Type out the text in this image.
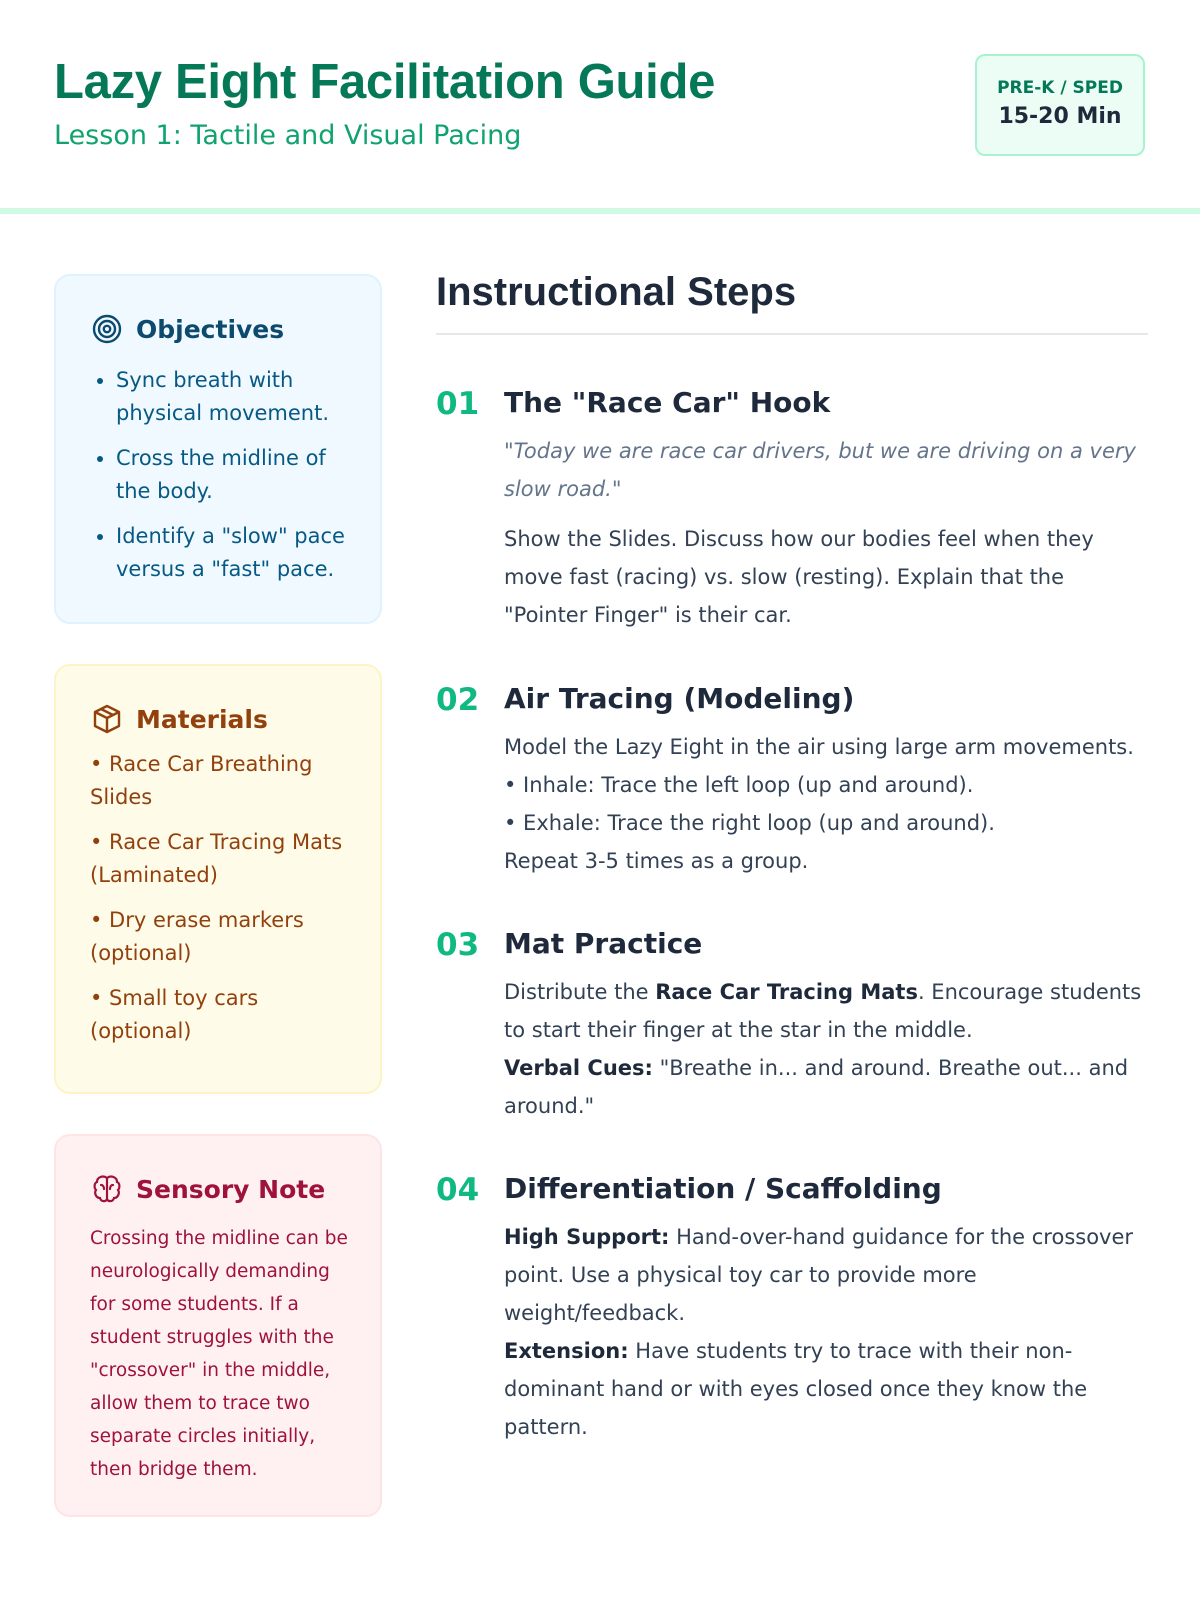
Lazy Eight Facilitation Guide
Lesson 1: Tactile and Visual Pacing
PRE-K / SPED
15-20 Min
Objectives
• Sync breath with physical movement.
• Cross the midline of the body.
• Identify a "slow" pace versus a "fast" pace.
Materials
• Race Car Breathing Slides
• Race Car Tracing Mats (Laminated)
• Dry erase markers (optional)
• Small toy cars (optional)
Sensory Note

Crossing the midline can be neurologically demanding for some students. If a student struggles with the "crossover" in the middle, allow them to trace two separate circles initially, then bridge them.

Instructional Steps
01 The "Race Car" Hook
"Today we are race car drivers, but we are driving on a very slow road."
Show the Slides. Discuss how our bodies feel when they move fast (racing) vs. slow (resting). Explain that the "Pointer Finger" is their car.
02 Air Tracing (Modeling)
Model the Lazy Eight in the air using large arm movements.
• Inhale: Trace the left loop (up and around).
• Exhale: Trace the right loop (up and around).
Repeat 3-5 times as a group.
03 Mat Practice
Distribute the Race Car Tracing Mats. Encourage students to start their finger at the star in the middle.
Verbal Cues: "Breathe in... and around. Breathe out... and around."
04 Differentiation / Scaffolding
High Support: Hand-over-hand guidance for the crossover point. Use a physical toy car to provide more weight/feedback.
Extension: Have students try to trace with their non-dominant hand or with eyes closed once they know the pattern.
